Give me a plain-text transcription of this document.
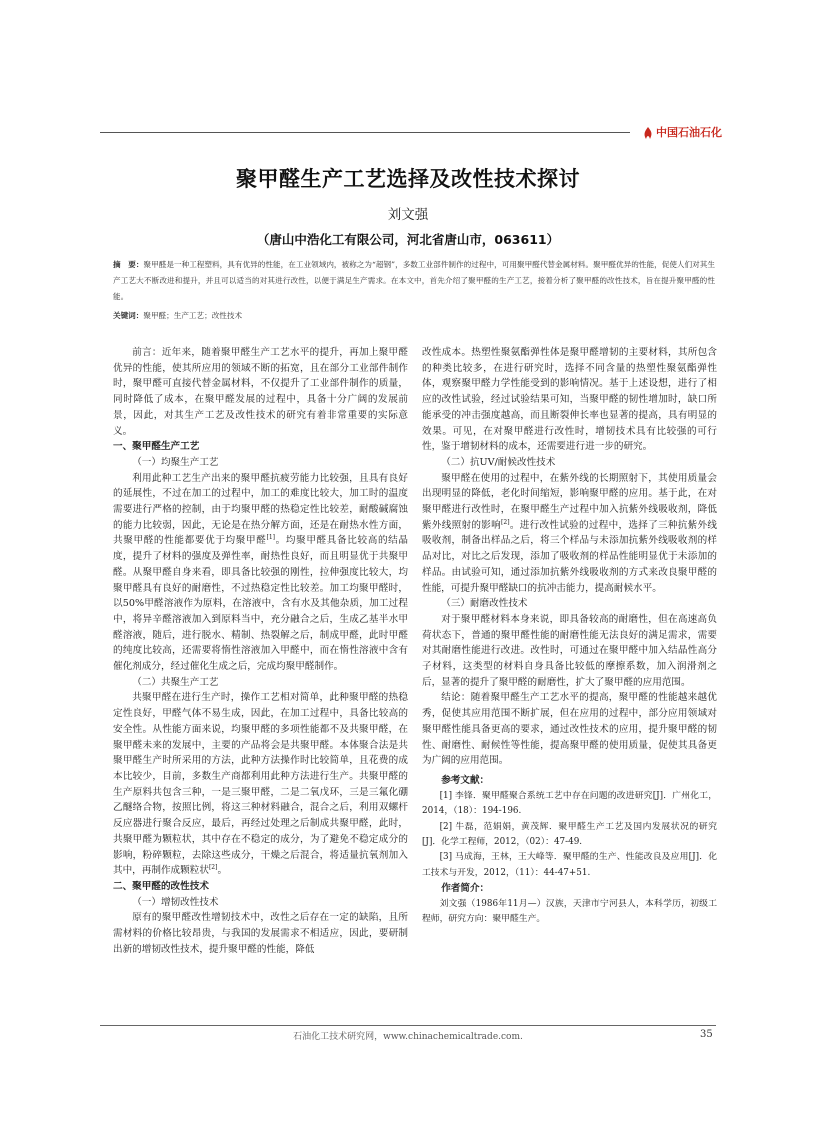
中国石油石化
聚甲醛生产工艺选择及改性技术探讨
刘文强
（唐山中浩化工有限公司，河北省唐山市，063611）
摘　要：聚甲醛是一种工程塑料，具有优异的性能，在工业领域内，被称之为“超钢”，多数工业部件制作的过程中，可用聚甲醛代替金属材料。聚甲醛优异的性能，促使人们对其生产工艺大不断改进和提升，并且可以适当的对其进行改性，以便于满足生产需求。在本文中，首先介绍了聚甲醛的生产工艺，接着分析了聚甲醛的改性技术，旨在提升聚甲醛的性能。
关键词：聚甲醛；生产工艺；改性技术

前言：近年来，随着聚甲醛生产工艺水平的提升，再加上聚甲醛优异的性能，使其所应用的领域不断的拓宽，且在部分工业部件制作时，聚甲醛可直接代替金属材料，不仅提升了工业部件制作的质量，同时降低了成本，在聚甲醛发展的过程中，具备十分广阔的发展前景，因此，对其生产工艺及改性技术的研究有着非常重要的实际意义。

一、聚甲醛生产工艺

（一）均聚生产工艺

利用此种工艺生产出来的聚甲醛抗疲劳能力比较强，且具有良好的延展性，不过在加工的过程中，加工的难度比较大，加工时的温度需要进行严格的控制，由于均聚甲醛的热稳定性比较差，耐酸碱腐蚀的能力比较弱，因此，无论是在热分解方面，还是在耐热水性方面，共聚甲醛的性能都要优于均聚甲醛[1]。均聚甲醛具备比较高的结晶度，提升了材料的强度及弹性率，耐热性良好，而且明显优于共聚甲醛。从聚甲醛自身来看，即具备比较强的刚性，拉伸强度比较大，均聚甲醛具有良好的耐磨性，不过热稳定性比较差。加工均聚甲醛时，以50%甲醛溶液作为原料，在溶液中，含有水及其他杂质，加工过程中，将异辛醛溶液加入到原料当中，充分融合之后，生成乙基半水甲醛溶液，随后，进行脱水、精制、热裂解之后，制成甲醛，此时甲醛的纯度比较高，还需要将惰性溶液加入甲醛中，而在惰性溶液中含有催化剂成分，经过催化生成之后，完成均聚甲醛制作。

（二）共聚生产工艺

共聚甲醛在进行生产时，操作工艺相对简单，此种聚甲醛的热稳定性良好，甲醛气体不易生成，因此，在加工过程中，具备比较高的安全性。从性能方面来说，均聚甲醛的多项性能都不及共聚甲醛，在聚甲醛未来的发展中，主要的产品将会是共聚甲醛。本体聚合法是共聚甲醛生产时所采用的方法，此种方法操作时比较简单，且花费的成本比较少，目前，多数生产商都利用此种方法进行生产。共聚甲醛的生产原料共包含三种，一是三聚甲醛，二是二氧戊环，三是三氟化硼乙醚络合物，按照比例，将这三种材料融合，混合之后，利用双螺杆反应器进行聚合反应，最后，再经过处理之后制成共聚甲醛，此时，共聚甲醛为颗粒状，其中存在不稳定的成分，为了避免不稳定成分的影响，粉碎颗粒，去除这些成分，干燥之后混合，将适量抗氧剂加入其中，再制作成颗粒状[2]。

二、聚甲醛的改性技术

（一）增韧改性技术

原有的聚甲醛改性增韧技术中，改性之后存在一定的缺陷，且所需材料的价格比较昂贵，与我国的发展需求不相适应，因此，要研制出新的增韧改性技术，提升聚甲醛的性能，降低

改性成本。热塑性聚氨酯弹性体是聚甲醛增韧的主要材料，其所包含的种类比较多，在进行研究时，选择不同含量的热塑性聚氨酯弹性体，观察聚甲醛力学性能受到的影响情况。基于上述设想，进行了相应的改性试验，经过试验结果可知，当聚甲醛的韧性增加时，缺口所能承受的冲击强度越高，而且断裂伸长率也显著的提高，具有明显的效果。可见，在对聚甲醛进行改性时，增韧技术具有比较强的可行性，鉴于增韧材料的成本，还需要进行进一步的研究。

（二）抗UV/耐候改性技术

聚甲醛在使用的过程中，在紫外线的长期照射下，其使用质量会出现明显的降低，老化时间缩短，影响聚甲醛的应用。基于此，在对聚甲醛进行改性时，在聚甲醛生产过程中加入抗紫外线吸收剂，降低紫外线照射的影响[2]。进行改性试验的过程中，选择了三种抗紫外线吸收剂，制备出样品之后，将三个样品与未添加抗紫外线吸收剂的样品对比，对比之后发现，添加了吸收剂的样品性能明显优于未添加的样品。由试验可知，通过添加抗紫外线吸收剂的方式来改良聚甲醛的性能，可提升聚甲醛缺口的抗冲击能力，提高耐候水平。

（三）耐磨改性技术

对于聚甲醛材料本身来说，即具备较高的耐磨性，但在高速高负荷状态下，普通的聚甲醛性能的耐磨性能无法良好的满足需求，需要对其耐磨性能进行改进。改性时，可通过在聚甲醛中加入结晶性高分子材料，这类型的材料自身具备比较低的摩擦系数，加入润滑剂之后，显著的提升了聚甲醛的耐磨性，扩大了聚甲醛的应用范围。

结论：随着聚甲醛生产工艺水平的提高，聚甲醛的性能越来越优秀，促使其应用范围不断扩展，但在应用的过程中，部分应用领域对聚甲醛性能具备更高的要求，通过改性技术的应用，提升聚甲醛的韧性、耐磨性、耐候性等性能，提高聚甲醛的使用质量，促使其具备更为广阔的应用范围。

参考文献：

[1] 李锋．聚甲醛聚合系统工艺中存在问题的改进研究[J]．广州化工，2014，（18）：194-196.

[2] 牛磊，范娟娟，黄茂辉．聚甲醛生产工艺及国内发展状况的研究[J]．化学工程师，2012，（02）：47-49.

[3] 马成海，王林，王大峰等．聚甲醛的生产、性能改良及应用[J]．化工技术与开发，2012，（11）：44-47+51.

作者简介：

刘文强（1986年11月—）汉族，天津市宁河县人，本科学历，初级工程师，研究方向：聚甲醛生产。

石油化工技术研究网，www.chinachemicaltrade.com.	35
